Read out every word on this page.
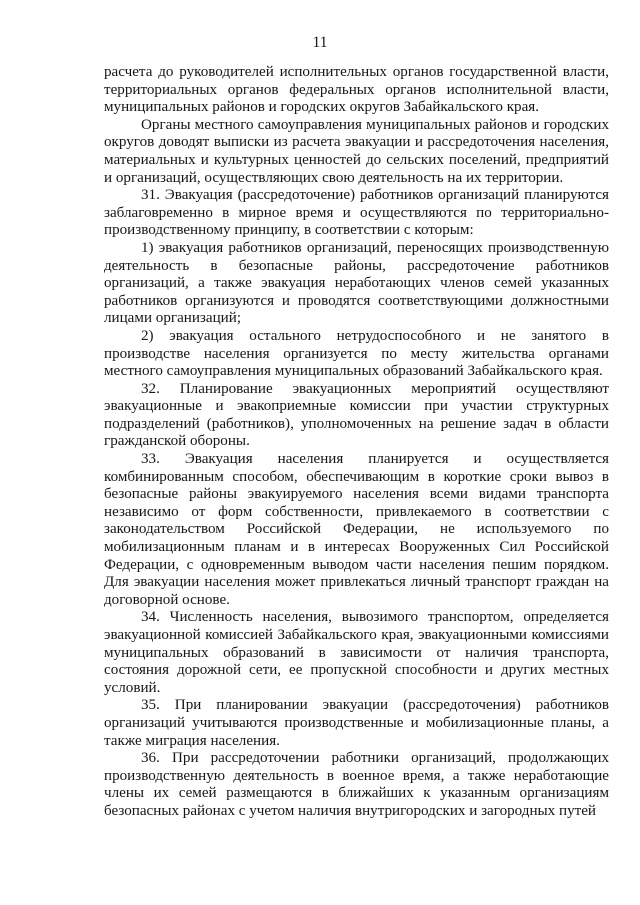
11

расчета до руководителей исполнительных органов государственной власти, территориальных органов федеральных органов исполнительной власти, муниципальных районов и городских округов Забайкальского края.

Органы местного самоуправления муниципальных районов и городских округов доводят выписки из расчета эвакуации и рассредоточения населения, материальных и культурных ценностей до сельских поселений, предприятий и организаций, осуществляющих свою деятельность на их территории.

31. Эвакуация (рассредоточение) работников организаций планируются заблаговременно в мирное время и осуществляются по территориально-производственному принципу, в соответствии с которым:

1) эвакуация работников организаций, переносящих производственную деятельность в безопасные районы, рассредоточение работников организаций, а также эвакуация неработающих членов семей указанных работников организуются и проводятся соответствующими должностными лицами организаций;

2) эвакуация остального нетрудоспособного и не занятого в производстве населения организуется по месту жительства органами местного самоуправления муниципальных образований Забайкальского края.

32. Планирование эвакуационных мероприятий осуществляют эвакуационные и эвакоприемные комиссии при участии структурных подразделений (работников), уполномоченных на решение задач в области гражданской обороны.

33. Эвакуация населения планируется и осуществляется комбинированным способом, обеспечивающим в короткие сроки вывоз в безопасные районы эвакуируемого населения всеми видами транспорта независимо от форм собственности, привлекаемого в соответствии с законодательством Российской Федерации, не используемого по мобилизационным планам и в интересах Вооруженных Сил Российской Федерации, с одновременным выводом части населения пешим порядком. Для эвакуации населения может привлекаться личный транспорт граждан на договорной основе.

34. Численность населения, вывозимого транспортом, определяется эвакуационной комиссией Забайкальского края, эвакуационными комиссиями муниципальных образований в зависимости от наличия транспорта, состояния дорожной сети, ее пропускной способности и других местных условий.

35. При планировании эвакуации (рассредоточения) работников организаций учитываются производственные и мобилизационные планы, а также миграция населения.

36. При рассредоточении работники организаций, продолжающих производственную деятельность в военное время, а также неработающие члены их семей размещаются в ближайших к указанным организациям безопасных районах с учетом наличия внутригородских и загородных путей
